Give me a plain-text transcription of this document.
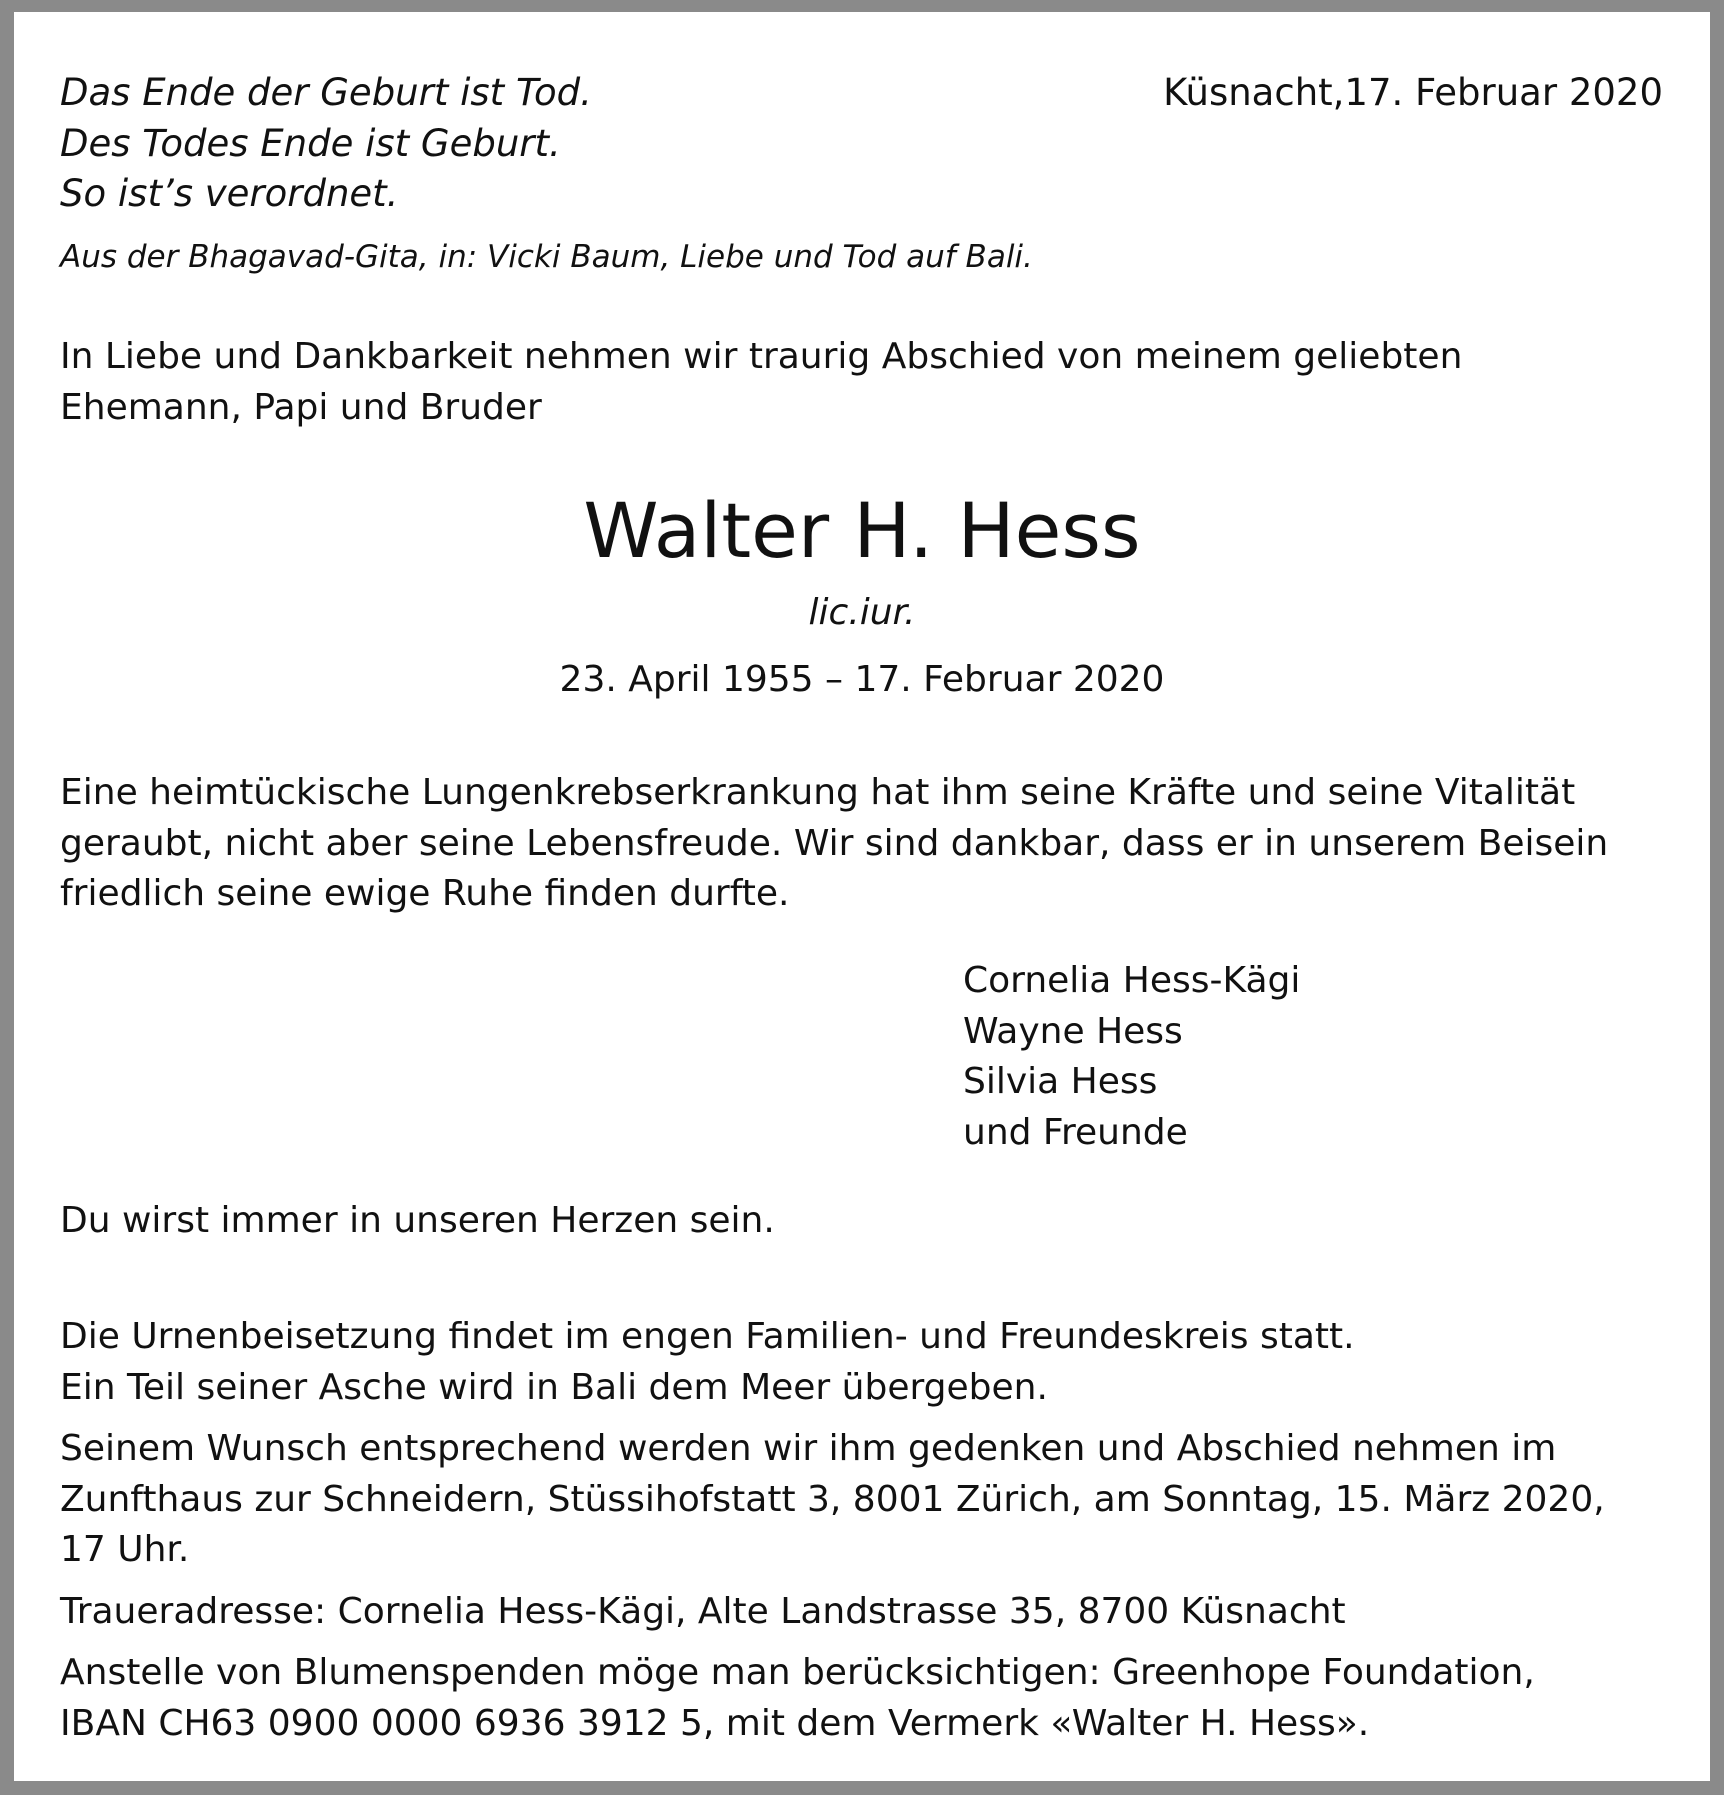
Das Ende der Geburt ist Tod.
Des Todes Ende ist Geburt.
So ist’s verordnet.
Küsnacht,17. Februar 2020
Aus der Bhagavad-Gita, in: Vicki Baum, Liebe und Tod auf Bali.
In Liebe und Dankbarkeit nehmen wir traurig Abschied von meinem geliebten
Ehemann, Papi und Bruder
Walter H. Hess
lic.iur.
23. April 1955 – 17. Februar 2020
Eine heimtückische Lungenkrebserkrankung hat ihm seine Kräfte und seine Vitalität
geraubt, nicht aber seine Lebensfreude. Wir sind dankbar, dass er in unserem Beisein
friedlich seine ewige Ruhe finden durfte.
Cornelia Hess-Kägi
Wayne Hess
Silvia Hess
und Freunde
Du wirst immer in unseren Herzen sein.
Die Urnenbeisetzung findet im engen Familien- und Freundeskreis statt.
Ein Teil seiner Asche wird in Bali dem Meer übergeben.
Seinem Wunsch entsprechend werden wir ihm gedenken und Abschied nehmen im
Zunfthaus zur Schneidern, Stüssihofstatt 3, 8001 Zürich, am Sonntag, 15. März 2020,
17 Uhr.
Traueradresse: Cornelia Hess-Kägi, Alte Landstrasse 35, 8700 Küsnacht
Anstelle von Blumenspenden möge man berücksichtigen: Greenhope Foundation,
IBAN CH63 0900 0000 6936 3912 5, mit dem Vermerk «Walter H. Hess».
